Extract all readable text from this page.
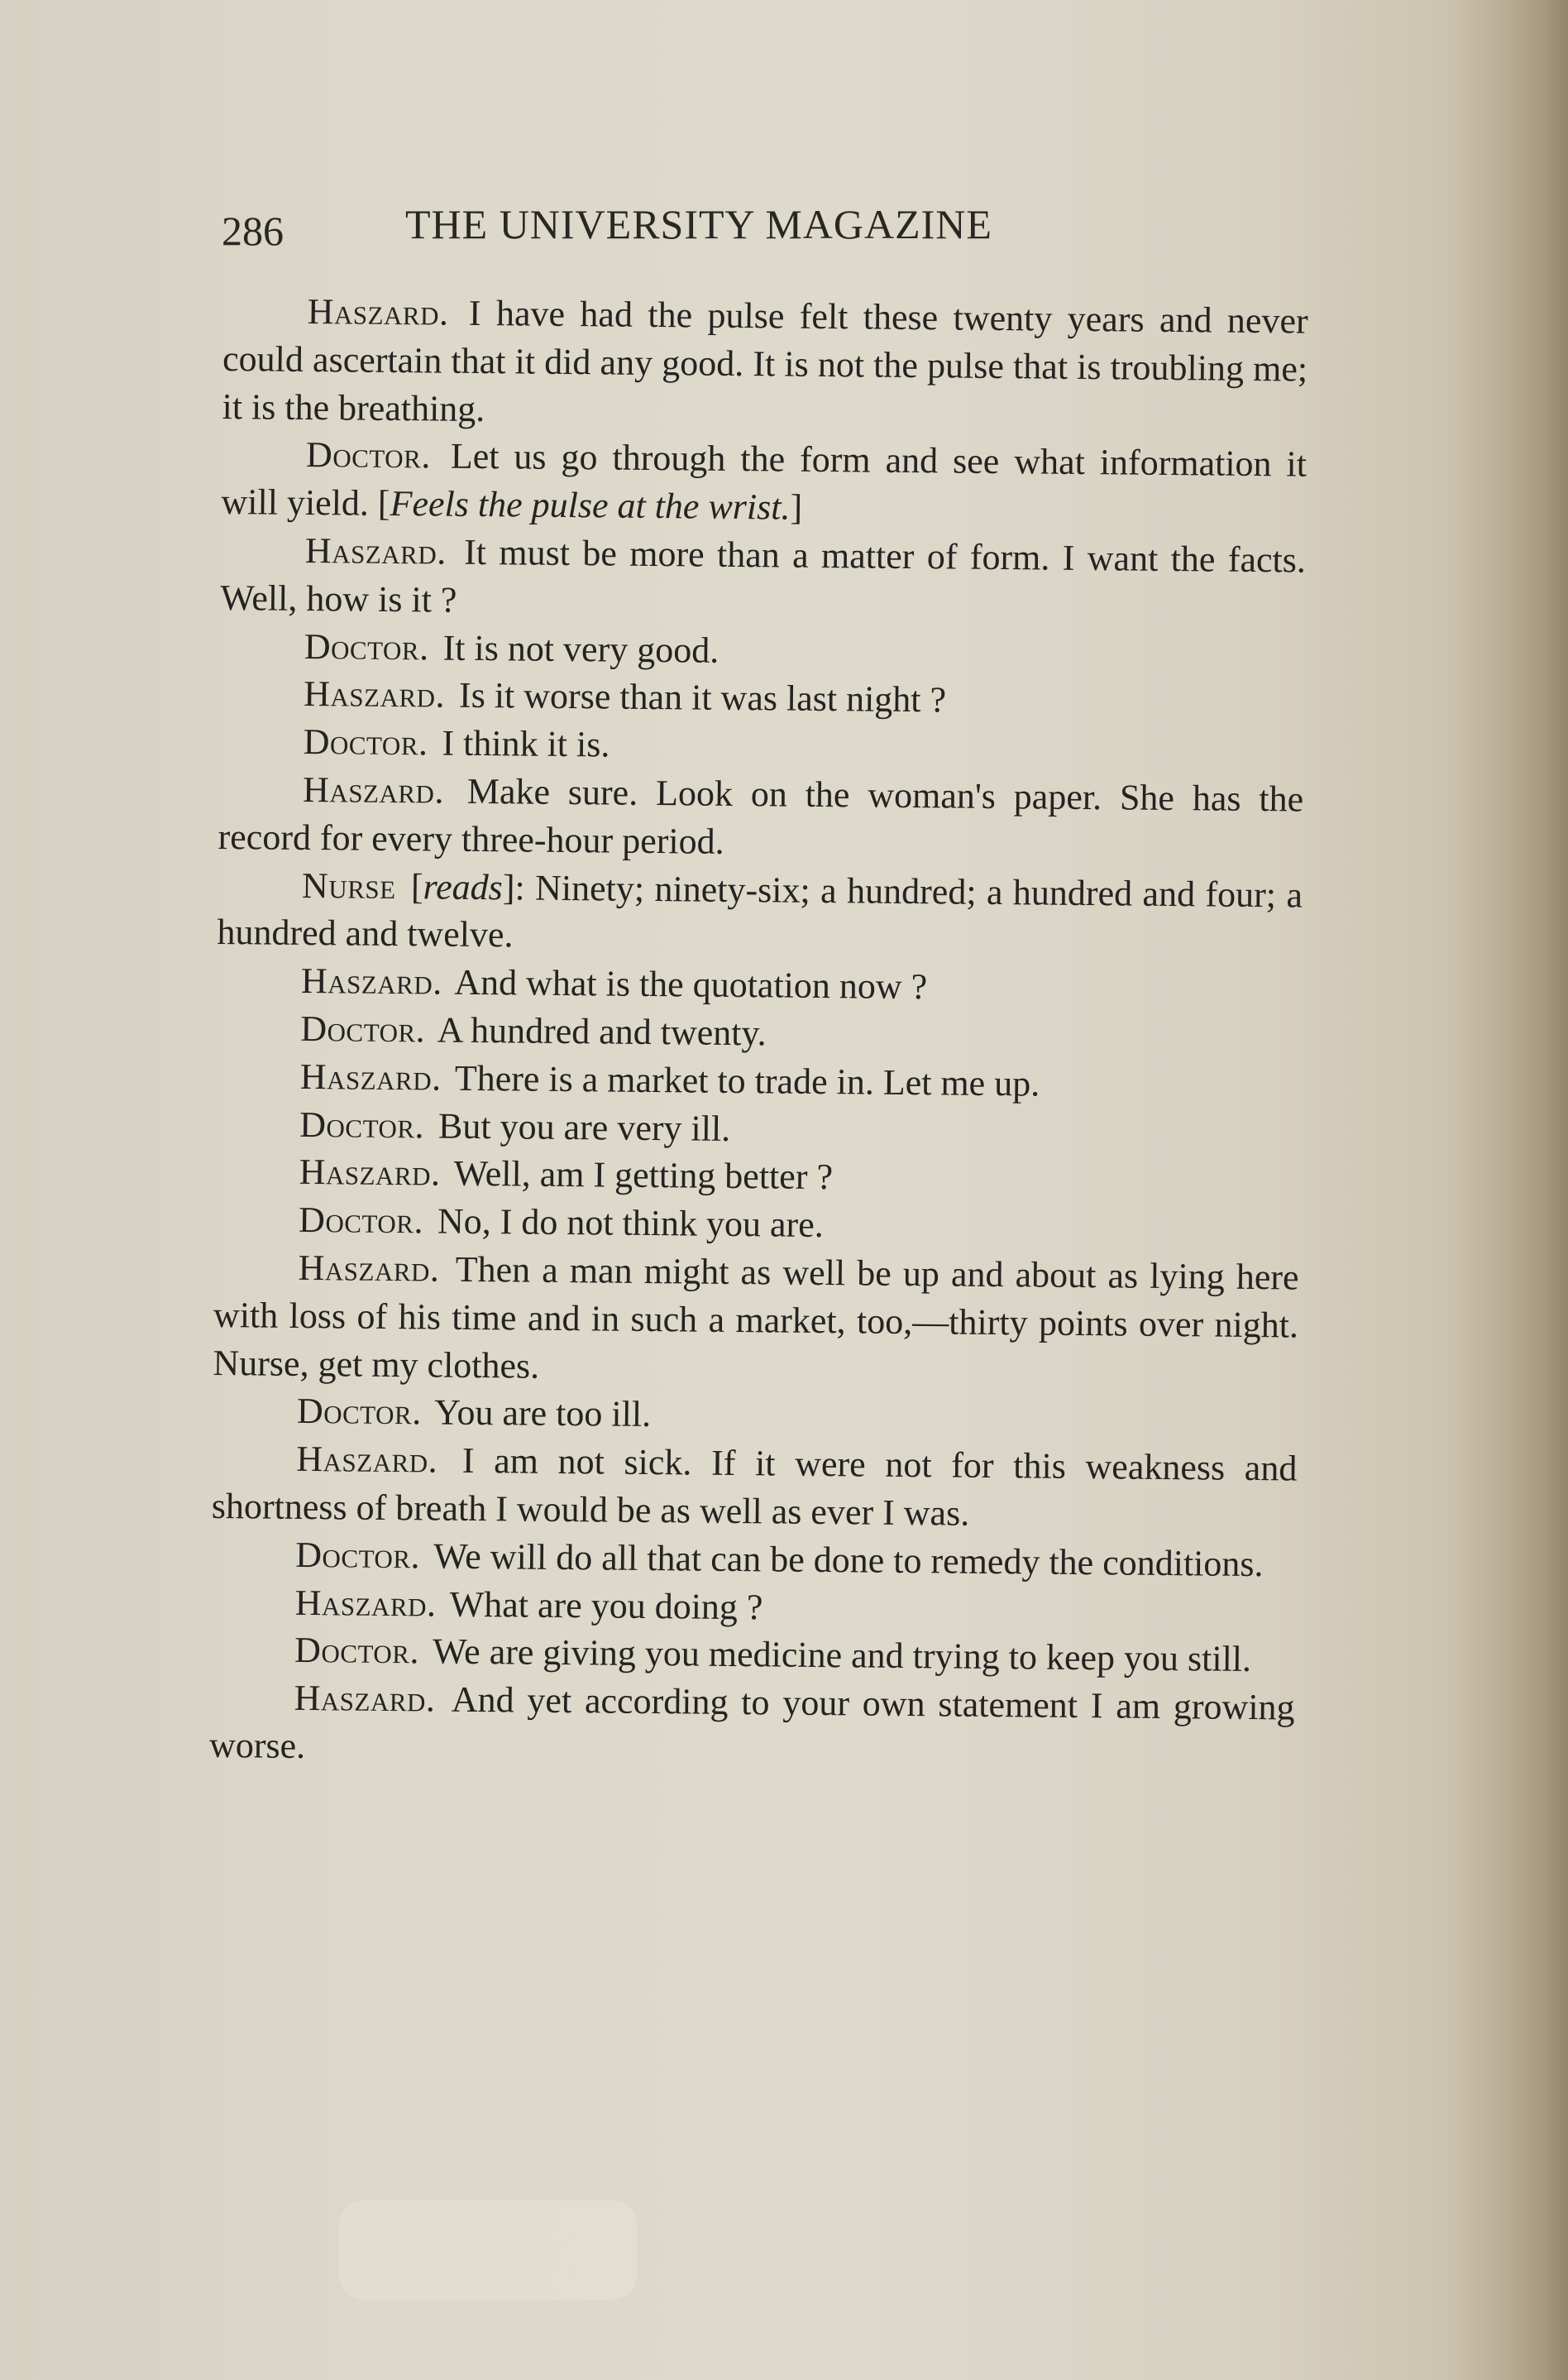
286	THE UNIVERSITY MAGAZINE

Haszard. I have had the pulse felt these twenty years and never could ascertain that it did any good. It is not the pulse that is troubling me; it is the breathing.

Doctor. Let us go through the form and see what information it will yield. [Feels the pulse at the wrist.]

Haszard. It must be more than a matter of form. I want the facts. Well, how is it ?

Doctor. It is not very good.

Haszard. Is it worse than it was last night ?

Doctor. I think it is.

Haszard. Make sure. Look on the woman's paper. She has the record for every three-hour period.

Nurse [reads]: Ninety; ninety-six; a hundred; a hundred and four; a hundred and twelve.

Haszard. And what is the quotation now ?

Doctor. A hundred and twenty.

Haszard. There is a market to trade in. Let me up.

Doctor. But you are very ill.

Haszard. Well, am I getting better ?

Doctor. No, I do not think you are.

Haszard. Then a man might as well be up and about as lying here with loss of his time and in such a market, too,—thirty points over night. Nurse, get my clothes.

Doctor. You are too ill.

Haszard. I am not sick. If it were not for this weakness and shortness of breath I would be as well as ever I was.

Doctor. We will do all that can be done to remedy the conditions.

Haszard. What are you doing ?

Doctor. We are giving you medicine and trying to keep you still.

Haszard. And yet according to your own statement I am growing worse.
